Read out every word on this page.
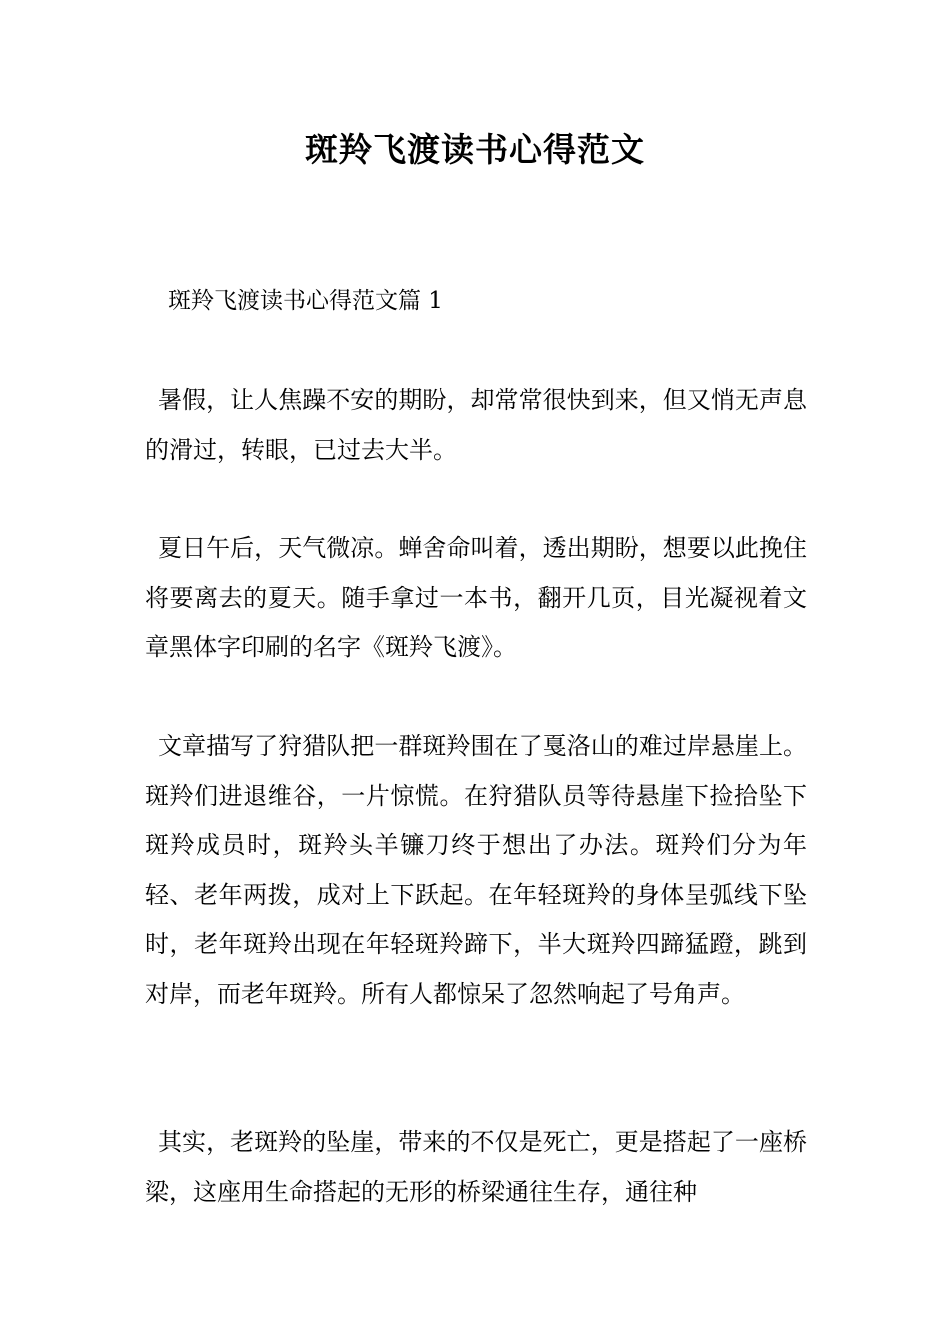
斑羚飞渡读书心得范文
斑羚飞渡读书心得范文篇 1

暑假，让人焦躁不安的期盼，却常常很快到来，但又悄无声息的滑过，转眼，已过去大半。

夏日午后，天气微凉。蝉舍命叫着，透出期盼，想要以此挽住将要离去的夏天。随手拿过一本书，翻开几页，目光凝视着文章黑体字印刷的名字《斑羚飞渡》。

文章描写了狩猎队把一群斑羚围在了戛洛山的难过岸悬崖上。斑羚们进退维谷，一片惊慌。在狩猎队员等待悬崖下捡拾坠下斑羚成员时，斑羚头羊镰刀终于想出了办法。斑羚们分为年轻、老年两拨，成对上下跃起。在年轻斑羚的身体呈弧线下坠时，老年斑羚出现在年轻斑羚蹄下，半大斑羚四蹄猛蹬，跳到对岸，而老年斑羚。所有人都惊呆了忽然响起了号角声。

其实，老斑羚的坠崖，带来的不仅是死亡，更是搭起了一座桥梁，这座用生命搭起的无形的桥梁通往生存，通往种
